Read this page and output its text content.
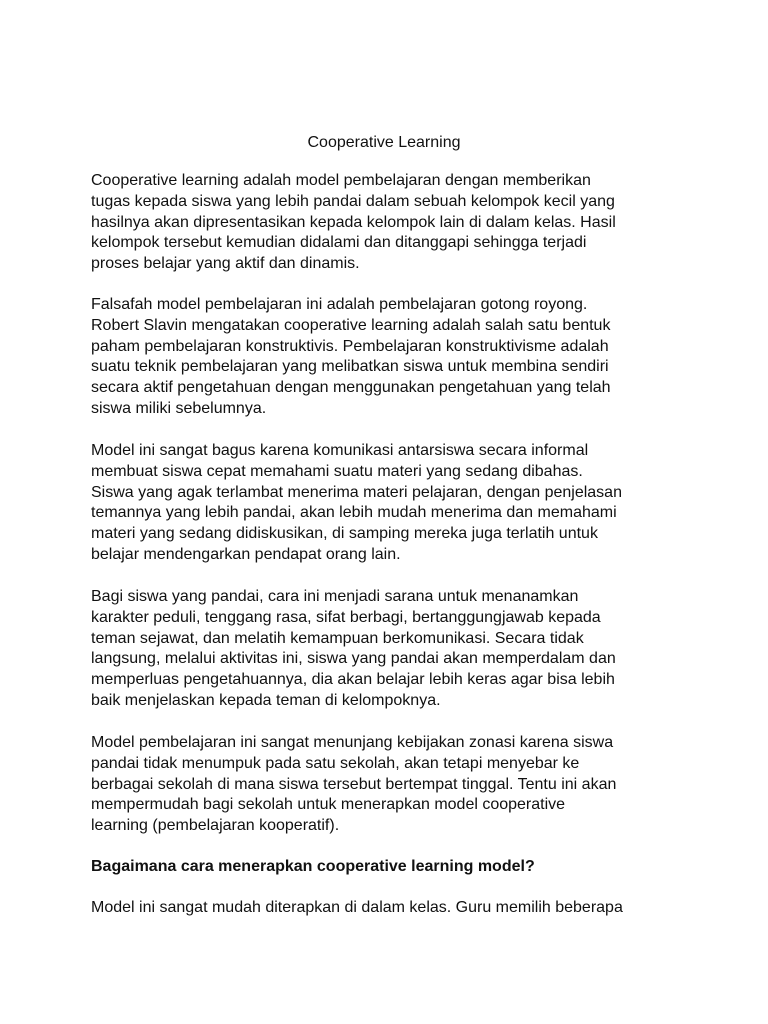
Cooperative Learning

Cooperative learning adalah model pembelajaran dengan memberikan
tugas kepada siswa yang lebih pandai dalam sebuah kelompok kecil yang
hasilnya akan dipresentasikan kepada kelompok lain di dalam kelas. Hasil
kelompok tersebut kemudian didalami dan ditanggapi sehingga terjadi
proses belajar yang aktif dan dinamis.

Falsafah model pembelajaran ini adalah pembelajaran gotong royong.
Robert Slavin mengatakan cooperative learning adalah salah satu bentuk
paham pembelajaran konstruktivis. Pembelajaran konstruktivisme adalah
suatu teknik pembelajaran yang melibatkan siswa untuk membina sendiri
secara aktif pengetahuan dengan menggunakan pengetahuan yang telah
siswa miliki sebelumnya.

Model ini sangat bagus karena komunikasi antarsiswa secara informal
membuat siswa cepat memahami suatu materi yang sedang dibahas.
Siswa yang agak terlambat menerima materi pelajaran, dengan penjelasan
temannya yang lebih pandai, akan lebih mudah menerima dan memahami
materi yang sedang didiskusikan, di samping mereka juga terlatih untuk
belajar mendengarkan pendapat orang lain.

Bagi siswa yang pandai, cara ini menjadi sarana untuk menanamkan
karakter peduli, tenggang rasa, sifat berbagi, bertanggungjawab kepada
teman sejawat, dan melatih kemampuan berkomunikasi. Secara tidak
langsung, melalui aktivitas ini, siswa yang pandai akan memperdalam dan
memperluas pengetahuannya, dia akan belajar lebih keras agar bisa lebih
baik menjelaskan kepada teman di kelompoknya.

Model pembelajaran ini sangat menunjang kebijakan zonasi karena siswa
pandai tidak menumpuk pada satu sekolah, akan tetapi menyebar ke
berbagai sekolah di mana siswa tersebut bertempat tinggal. Tentu ini akan
mempermudah bagi sekolah untuk menerapkan model cooperative
learning (pembelajaran kooperatif).

Bagaimana cara menerapkan cooperative learning model?

Model ini sangat mudah diterapkan di dalam kelas. Guru memilih beberapa
